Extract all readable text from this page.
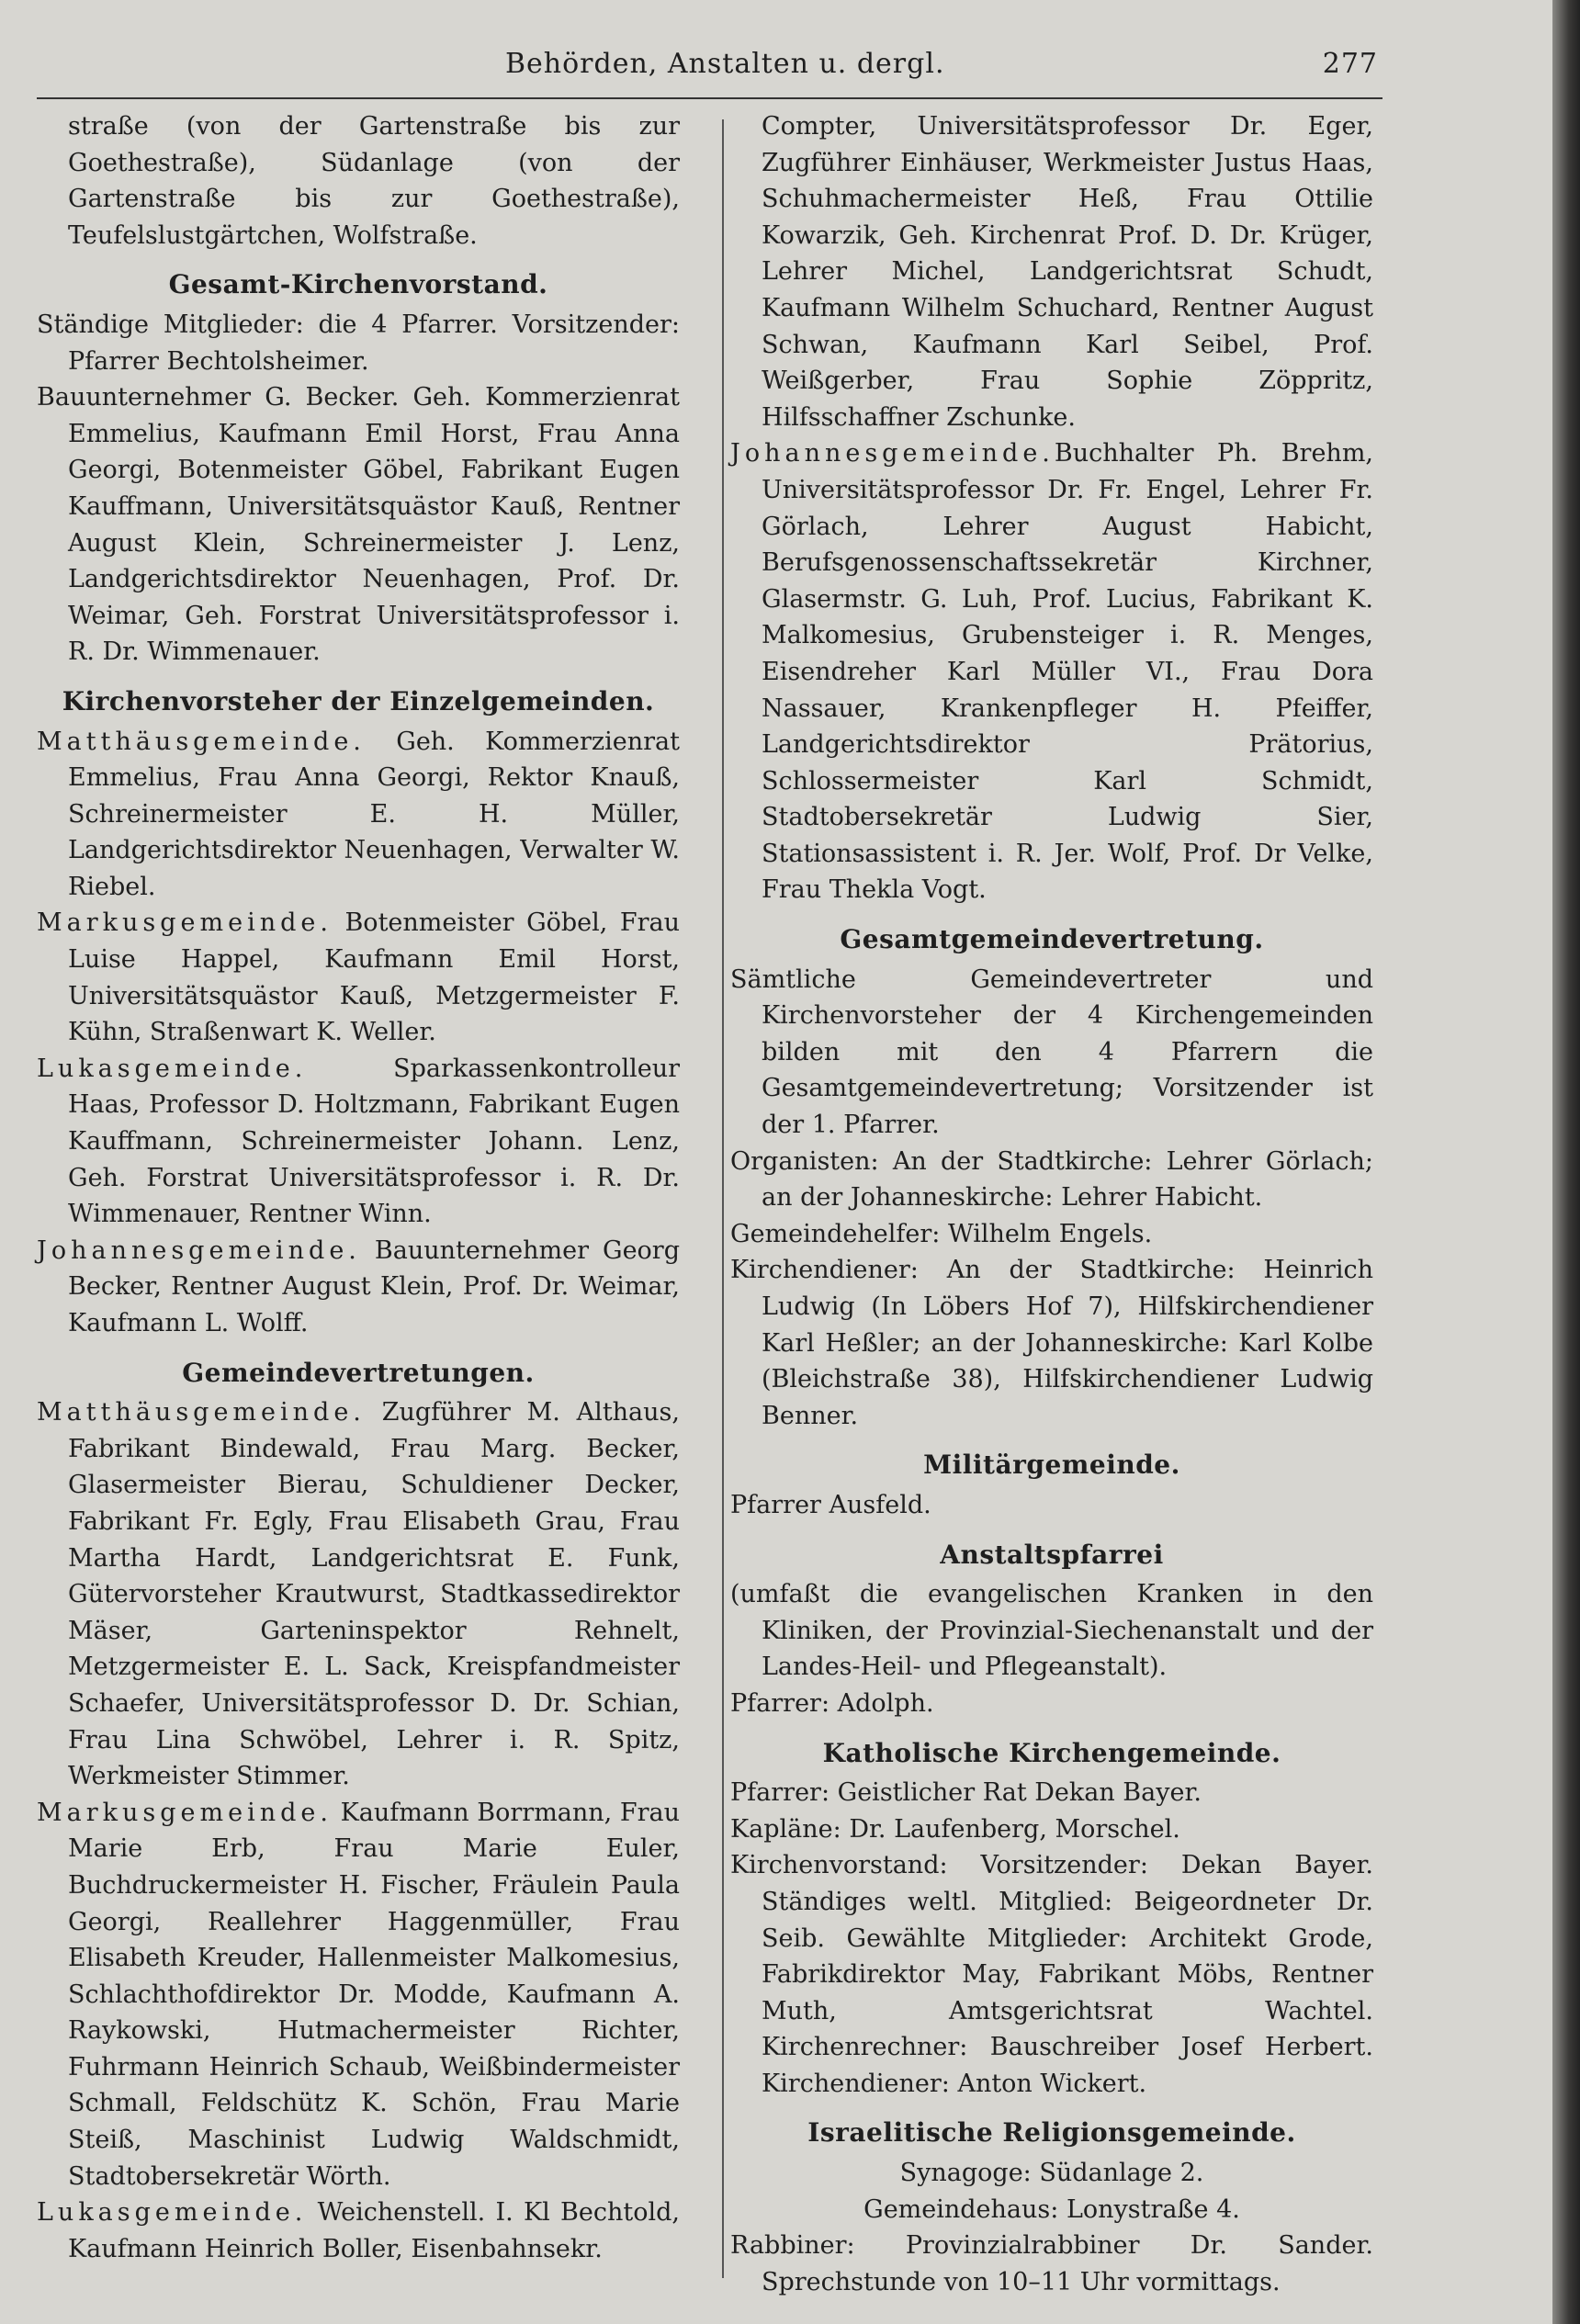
Behörden, Anstalten u. dergl.	277

straße (von der Gartenstraße bis zur Goethestraße), Südanlage (von der Gartenstraße bis zur Goethestraße), Teufelslustgärtchen, Wolfstraße.

Gesamt-Kirchenvorstand.

Ständige Mitglieder: die 4 Pfarrer. Vorsitzender: Pfarrer Bechtolsheimer.

Bauunternehmer G. Becker. Geh. Kommerzienrat Emmelius, Kaufmann Emil Horst, Frau Anna Georgi, Botenmeister Göbel, Fabrikant Eugen Kauffmann, Universitätsquästor Kauß, Rentner August Klein, Schreinermeister J. Lenz, Landgerichtsdirektor Neuenhagen, Prof. Dr. Weimar, Geh. Forstrat Universitätsprofessor i. R. Dr. Wimmenauer.

Kirchenvorsteher der Einzelgemeinden.

Matthäusgemeinde. Geh. Kommerzienrat Emmelius, Frau Anna Georgi, Rektor Knauß, Schreinermeister E. H. Müller, Landgerichtsdirektor Neuenhagen, Verwalter W. Riebel.

Markusgemeinde. Botenmeister Göbel, Frau Luise Happel, Kaufmann Emil Horst, Universitätsquästor Kauß, Metzgermeister F. Kühn, Straßenwart K. Weller.

Lukasgemeinde.	Sparkassenkontrolleur Haas, Professor D. Holtzmann, Fabrikant Eugen Kauffmann, Schreinermeister Johann. Lenz, Geh. Forstrat Universitätsprofessor i. R. Dr. Wimmenauer, Rentner Winn.

Johannesgemeinde. Bauunternehmer Georg Becker, Rentner August Klein, Prof. Dr. Weimar, Kaufmann L. Wolff.

Gemeindevertretungen.

Matthäusgemeinde. Zugführer M. Althaus, Fabrikant Bindewald, Frau Marg. Becker, Glasermeister Bierau, Schuldiener Decker, Fabrikant Fr. Egly, Frau Elisabeth Grau, Frau Martha Hardt, Landgerichtsrat E. Funk, Gütervorsteher Krautwurst, Stadtkassedirektor Mäser, Garteninspektor Rehnelt, Metzgermeister E. L. Sack, Kreispfandmeister Schaefer, Universitätsprofessor D. Dr. Schian, Frau Lina Schwöbel, Lehrer i. R. Spitz, Werkmeister Stimmer.

Markusgemeinde. Kaufmann Borrmann, Frau Marie Erb, Frau Marie Euler, Buchdruckermeister H. Fischer, Fräulein Paula Georgi, Reallehrer Haggenmüller, Frau Elisabeth Kreuder, Hallenmeister Malkomesius, Schlachthofdirektor Dr. Modde, Kaufmann A. Raykowski, Hutmachermeister Richter, Fuhrmann Heinrich Schaub, Weißbindermeister Schmall, Feldschütz K. Schön, Frau Marie Steiß, Maschinist Ludwig Waldschmidt, Stadtobersekretär Wörth.

Lukasgemeinde. Weichenstell. I. Kl Bechtold, Kaufmann Heinrich Boller, Eisenbahnsekr.

Compter, Universitätsprofessor Dr. Eger, Zugführer Einhäuser, Werkmeister Justus Haas, Schuhmachermeister Heß, Frau Ottilie Kowarzik, Geh. Kirchenrat Prof. D. Dr. Krüger, Lehrer Michel, Landgerichtsrat Schudt, Kaufmann Wilhelm Schuchard, Rentner August Schwan, Kaufmann Karl Seibel, Prof. Weißgerber, Frau Sophie Zöppritz, Hilfsschaffner Zschunke.

Johannesgemeinde.Buchhalter Ph. Brehm, Universitätsprofessor Dr. Fr. Engel, Lehrer Fr. Görlach, Lehrer August Habicht, Berufsgenossenschaftssekretär Kirchner, Glasermstr. G. Luh, Prof. Lucius, Fabrikant K. Malkomesius, Grubensteiger i. R. Menges, Eisendreher Karl Müller VI., Frau Dora Nassauer, Krankenpfleger H. Pfeiffer, Landgerichtsdirektor Prätorius, Schlossermeister Karl Schmidt, Stadtobersekretär Ludwig Sier, Stationsassistent i. R. Jer. Wolf, Prof. Dr Velke, Frau Thekla Vogt.

Gesamtgemeindevertretung.

Sämtliche Gemeindevertreter und Kirchenvorsteher der 4 Kirchengemeinden bilden mit den 4 Pfarrern die Gesamtgemeindevertretung; Vorsitzender ist der 1. Pfarrer.

Organisten: An der Stadtkirche: Lehrer Görlach; an der Johanneskirche: Lehrer Habicht.

Gemeindehelfer: Wilhelm Engels.

Kirchendiener: An der Stadtkirche: Heinrich Ludwig (In Löbers Hof 7), Hilfskirchendiener Karl Heßler; an der Johanneskirche: Karl Kolbe (Bleichstraße 38), Hilfskirchendiener Ludwig Benner.

Militärgemeinde.

Pfarrer Ausfeld.

Anstaltspfarrei

(umfaßt die evangelischen Kranken in den Kliniken, der Provinzial-Siechenanstalt und der Landes-Heil- und Pflegeanstalt).

Pfarrer: Adolph.

Katholische Kirchengemeinde.

Pfarrer: Geistlicher Rat Dekan Bayer.

Kapläne: Dr. Laufenberg, Morschel.

Kirchenvorstand: Vorsitzender: Dekan Bayer. Ständiges weltl. Mitglied: Beigeordneter Dr. Seib. Gewählte Mitglieder: Architekt Grode, Fabrikdirektor May, Fabrikant Möbs, Rentner Muth, Amtsgerichtsrat Wachtel. Kirchenrechner: Bauschreiber Josef Herbert. Kirchendiener: Anton Wickert.

Israelitische Religionsgemeinde.
Synagoge: Südanlage 2.
Gemeindehaus: Lonystraße 4.

Rabbiner: Provinzialrabbiner Dr. Sander. Sprechstunde von 10–11 Uhr vormittags.
